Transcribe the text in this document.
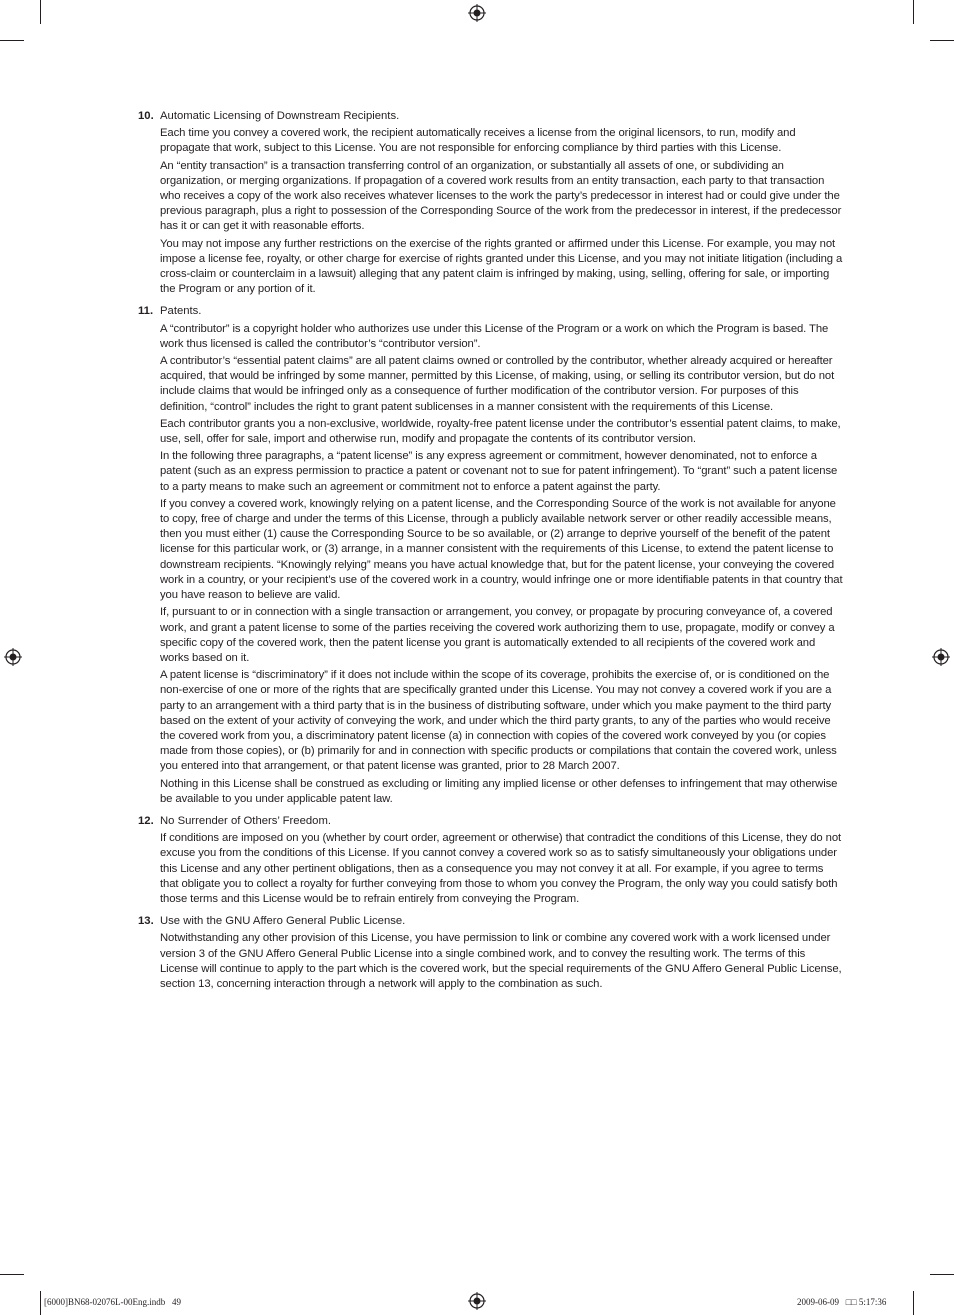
10. Automatic Licensing of Downstream Recipients.

Each time you convey a covered work, the recipient automatically receives a license from the original licensors, to run, modify and propagate that work, subject to this License. You are not responsible for enforcing compliance by third parties with this License.

An “entity transaction” is a transaction transferring control of an organization, or substantially all assets of one, or subdividing an organization, or merging organizations. If propagation of a covered work results from an entity transaction, each party to that transaction who receives a copy of the work also receives whatever licenses to the work the party’s predecessor in interest had or could give under the previous paragraph, plus a right to possession of the Corresponding Source of the work from the predecessor in interest, if the predecessor has it or can get it with reasonable efforts.

You may not impose any further restrictions on the exercise of the rights granted or affirmed under this License. For example, you may not impose a license fee, royalty, or other charge for exercise of rights granted under this License, and you may not initiate litigation (including a cross-claim or counterclaim in a lawsuit) alleging that any patent claim is infringed by making, using, selling, offering for sale, or importing the Program or any portion of it.

11. Patents.

A “contributor” is a copyright holder who authorizes use under this License of the Program or a work on which the Program is based. The work thus licensed is called the contributor’s “contributor version”.

A contributor’s “essential patent claims” are all patent claims owned or controlled by the contributor, whether already acquired or hereafter acquired, that would be infringed by some manner, permitted by this License, of making, using, or selling its contributor version, but do not include claims that would be infringed only as a consequence of further modification of the contributor version. For purposes of this definition, “control” includes the right to grant patent sublicenses in a manner consistent with the requirements of this License.

Each contributor grants you a non-exclusive, worldwide, royalty-free patent license under the contributor’s essential patent claims, to make, use, sell, offer for sale, import and otherwise run, modify and propagate the contents of its contributor version.

In the following three paragraphs, a “patent license” is any express agreement or commitment, however denominated, not to enforce a patent (such as an express permission to practice a patent or covenant not to sue for patent infringement). To “grant” such a patent license to a party means to make such an agreement or commitment not to enforce a patent against the party.

If you convey a covered work, knowingly relying on a patent license, and the Corresponding Source of the work is not available for anyone to copy, free of charge and under the terms of this License, through a publicly available network server or other readily accessible means, then you must either (1) cause the Corresponding Source to be so available, or (2) arrange to deprive yourself of the benefit of the patent license for this particular work, or (3) arrange, in a manner consistent with the requirements of this License, to extend the patent license to downstream recipients. “Knowingly relying” means you have actual knowledge that, but for the patent license, your conveying the covered work in a country, or your recipient’s use of the covered work in a country, would infringe one or more identifiable patents in that country that you have reason to believe are valid.

If, pursuant to or in connection with a single transaction or arrangement, you convey, or propagate by procuring conveyance of, a covered work, and grant a patent license to some of the parties receiving the covered work authorizing them to use, propagate, modify or convey a specific copy of the covered work, then the patent license you grant is automatically extended to all recipients of the covered work and works based on it.

A patent license is “discriminatory” if it does not include within the scope of its coverage, prohibits the exercise of, or is conditioned on the non-exercise of one or more of the rights that are specifically granted under this License. You may not convey a covered work if you are a party to an arrangement with a third party that is in the business of distributing software, under which you make payment to the third party based on the extent of your activity of conveying the work, and under which the third party grants, to any of the parties who would receive the covered work from you, a discriminatory patent license (a) in connection with copies of the covered work conveyed by you (or copies made from those copies), or (b) primarily for and in connection with specific products or compilations that contain the covered work, unless you entered into that arrangement, or that patent license was granted, prior to 28 March 2007.

Nothing in this License shall be construed as excluding or limiting any implied license or other defenses to infringement that may otherwise be available to you under applicable patent law.

12. No Surrender of Others’ Freedom.

If conditions are imposed on you (whether by court order, agreement or otherwise) that contradict the conditions of this License, they do not excuse you from the conditions of this License. If you cannot convey a covered work so as to satisfy simultaneously your obligations under this License and any other pertinent obligations, then as a consequence you may not convey it at all. For example, if you agree to terms that obligate you to collect a royalty for further conveying from those to whom you convey the Program, the only way you could satisfy both those terms and this License would be to refrain entirely from conveying the Program.

13. Use with the GNU Affero General Public License.

Notwithstanding any other provision of this License, you have permission to link or combine any covered work with a work licensed under version 3 of the GNU Affero General Public License into a single combined work, and to convey the resulting work. The terms of this License will continue to apply to the part which is the covered work, but the special requirements of the GNU Affero General Public License, section 13, concerning interaction through a network will apply to the combination as such.

[6000]BN68-02076L-00Eng.indb   49	2009-06-09   □□ 5:17:36
